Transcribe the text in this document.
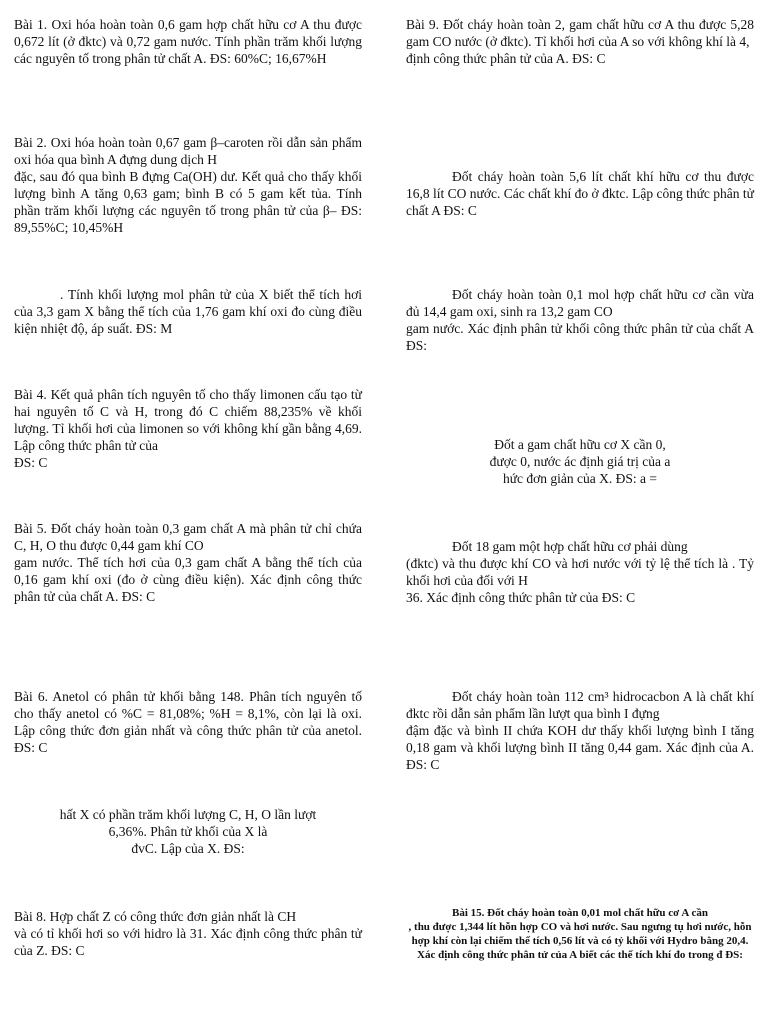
Bài 1. Oxi hóa hoàn toàn 0,6 gam hợp chất hữu cơ A thu được 0,672 lít (ở đktc) và 0,72 gam nước. Tính phần trăm khối lượng các nguyên tố trong phân tử chất A. ĐS: 60%C; 16,67%H

Bài 2. Oxi hóa hoàn toàn 0,67 gam β–caroten rồi dẫn sản phẩm oxi hóa qua bình A đựng dung dịch H
đặc, sau đó qua bình B đựng Ca(OH) dư. Kết quả cho thấy khối lượng bình A tăng 0,63 gam; bình B có 5 gam kết tủa. Tính phần trăm khối lượng các nguyên tố trong phân tử của β– ĐS: 89,55%C; 10,45%H

. Tính khối lượng mol phân tử của X biết thể tích hơi của 3,3 gam X bằng thể tích của 1,76 gam khí oxi đo cùng điều kiện nhiệt độ, áp suất. ĐS: M

Bài 4. Kết quả phân tích nguyên tố cho thấy limonen cấu tạo từ hai nguyên tố C và H, trong đó C chiếm 88,235% về khối lượng. Tỉ khối hơi của limonen so với không khí gần bằng 4,69. Lập công thức phân tử của
ĐS: C

Bài 5. Đốt cháy hoàn toàn 0,3 gam chất A mà phân tử chỉ chứa C, H, O thu được 0,44 gam khí CO
gam nước. Thể tích hơi của 0,3 gam chất A bằng thể tích của 0,16 gam khí oxi (đo ở cùng điều kiện). Xác định công thức phân tử của chất A. ĐS: C

Bài 6. Anetol có phân tử khối bằng 148. Phân tích nguyên tố cho thấy anetol có %C = 81,08%; %H = 8,1%, còn lại là oxi. Lập công thức đơn giản nhất và công thức phân tử của anetol. ĐS: C

hất X có phần trăm khối lượng C, H, O lần lượt
6,36%. Phân tử khối của X là
đvC. Lập của X. ĐS:

Bài 8. Hợp chất Z có công thức đơn giản nhất là CH
và có tỉ khối hơi so với hidro là 31. Xác định công thức phân tử của Z. ĐS: C

Bài 9. Đốt cháy hoàn toàn 2, gam chất hữu cơ A thu được 5,28 gam CO nước (ở đktc). Tỉ khối hơi của A so với không khí là 4,
định công thức phân tử của A. ĐS: C

Đốt cháy hoàn toàn 5,6 lít chất khí hữu cơ thu được 16,8 lít CO nước. Các chất khí đo ở đktc. Lập công thức phân tử chất A ĐS: C

Đốt cháy hoàn toàn 0,1 mol hợp chất hữu cơ cần vừa đủ 14,4 gam oxi, sinh ra 13,2 gam CO
gam nước. Xác định phân tử khối công thức phân tử của chất A ĐS:

Đốt a gam chất hữu cơ X cần 0,
được 0, nước ác định giá trị của a
hức đơn giản của X. ĐS: a =

Đốt 18 gam một hợp chất hữu cơ phải dùng
(đktc) và thu được khí CO và hơi nước với tỷ lệ thể tích là . Tỷ khối hơi của đối với H
36. Xác định công thức phân tử của ĐS: C

Đốt cháy hoàn toàn 112 cm³ hidrocacbon A là chất khí đktc rồi dẫn sản phẩm lần lượt qua bình I đựng
đậm đặc và bình II chứa KOH dư thấy khối lượng bình I tăng 0,18 gam và khối lượng bình II tăng 0,44 gam. Xác định của A. ĐS: C

Bài 15. Đốt cháy hoàn toàn 0,01 mol chất hữu cơ A cần
, thu được 1,344 lít hỗn hợp CO và hơi nước. Sau ngưng tụ hơi nước, hỗn hợp khí còn lại chiếm thể tích 0,56 lít và có tỷ khối với Hydro bằng 20,4. Xác định công thức phân tử của A biết các thể tích khí đo trong đ ĐS:
